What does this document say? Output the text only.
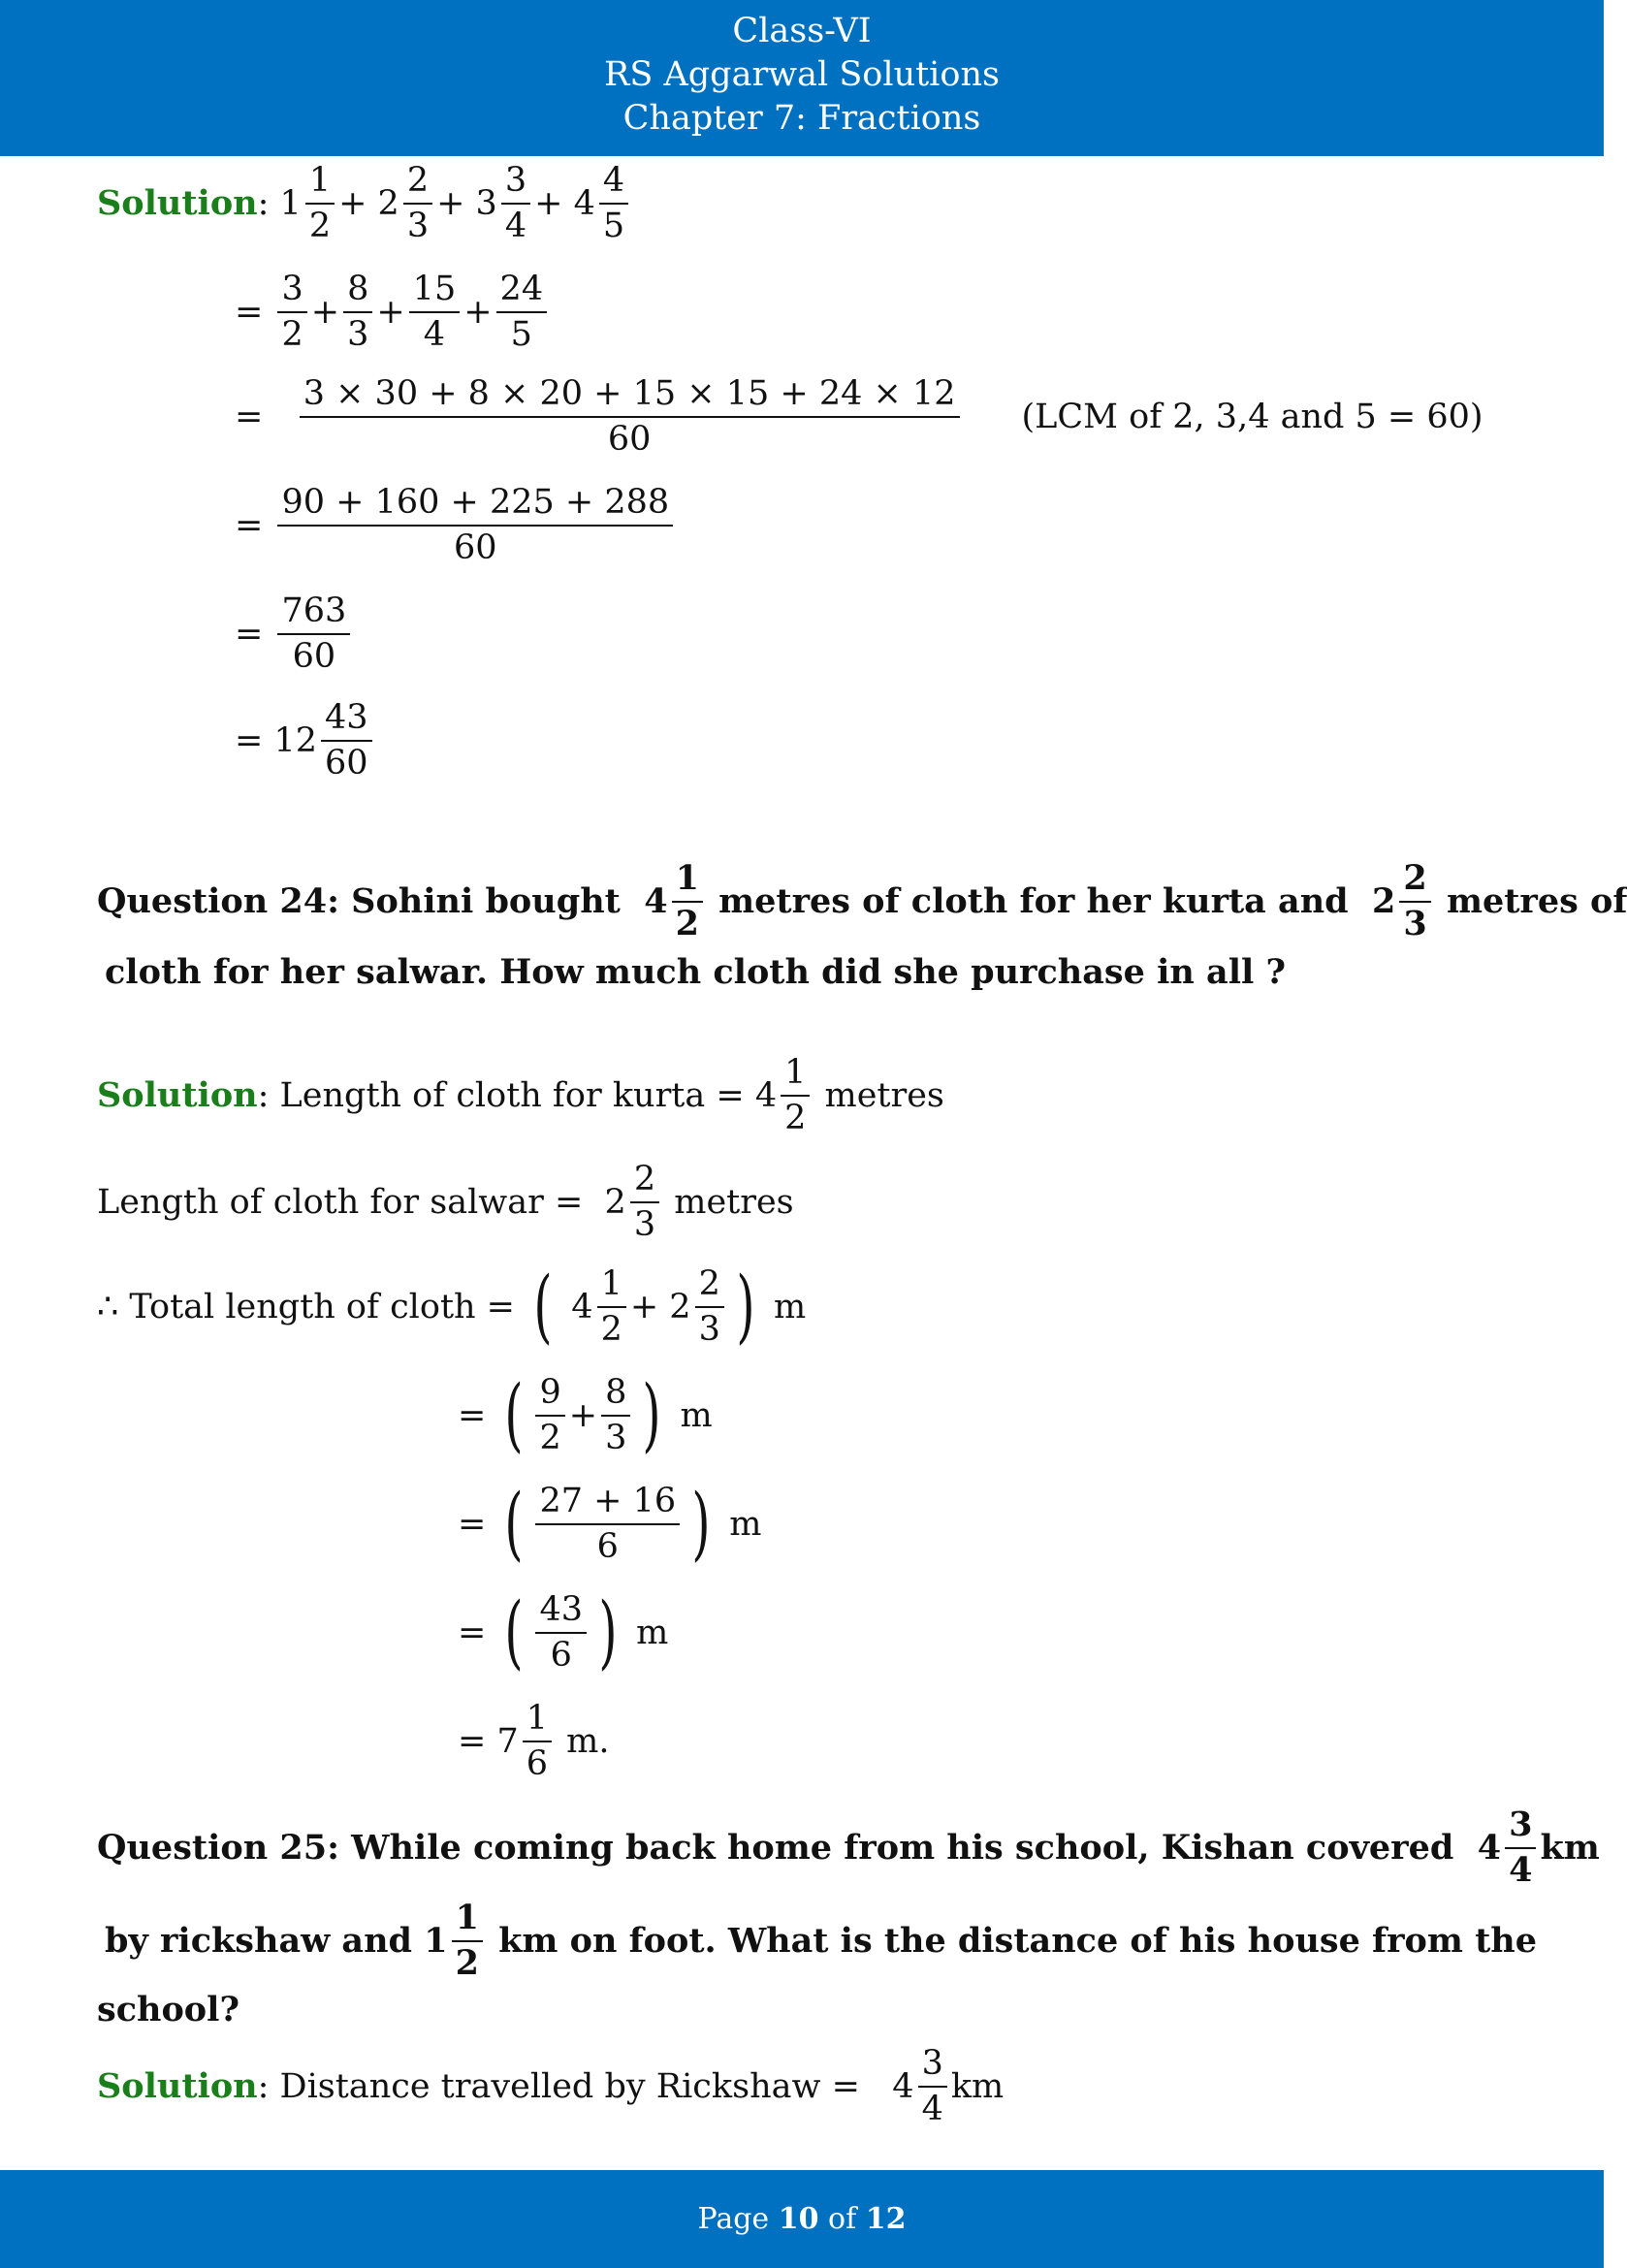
Class-VI
RS Aggarwal Solutions
Chapter 7: Fractions
Solution : 1
1
2
+ 2
2
3
+ 3
3
4
+ 4
4
5
=
3
2
+
8
3
+
15
4
+
24
5
= $\frac{3 \times 30 + 8 \times 20 + 15 \times 15 + 24 \times 12}{60} (LCM$ of 2, 3,4 and 5 = 60)
= $\frac{90 + 160 + 225 + 288}{60}$
= $\frac{763}{60}$
= 12
43
60
Question 24 : Sohini bought 4
1
2

metres of cloth for her kurta and 2
2
3

metres of
cloth for her salwar. How much cloth did she purchase in all ?
Solution : Length of cloth for kurta = $4 \frac{1}{2}$
metres
Length of cloth for salwar = $2 \frac{2}{3}$
metres
∴ Total length of cloth =
( 4
1
2
+ 2
2
3 )
m
= ( 9
2
+
8
3 )
m
= ( $\frac{27 + 16}{6}$ )
m
= ( $\frac{43}{6}$ )
m
= 7
1
6

m.
Question 25 : While coming back home from his school, Kishan covered 4
3
4
km
by rickshaw and 1
1
2

km on foot. What is the distance of his house from the
school?
Solution : Distance travelled by Rickshaw = $4 \frac{3}{4}$ km
Page 10 of 12
